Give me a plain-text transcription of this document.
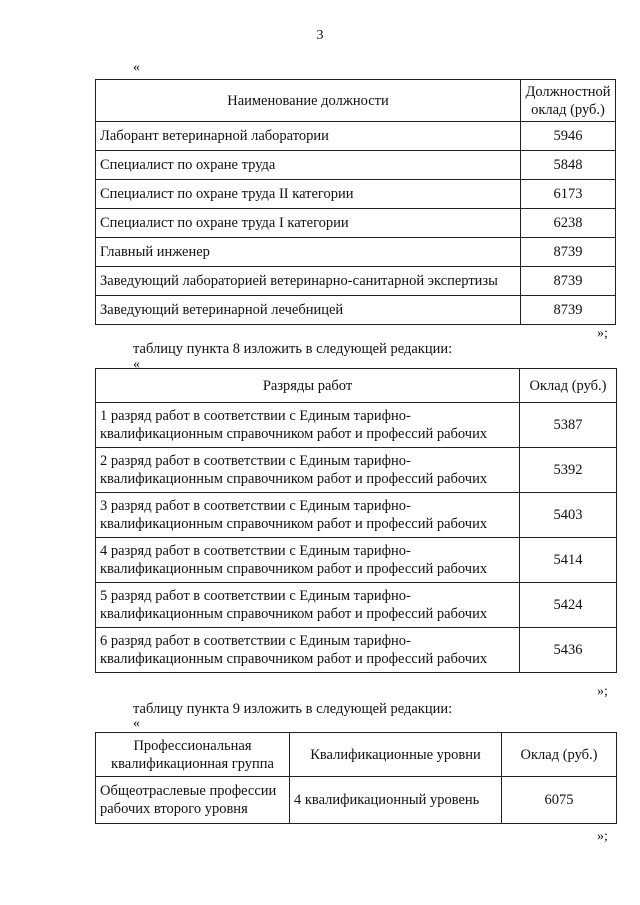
3
«
Наименование должности	Должностной оклад (руб.)
Лаборант ветеринарной лаборатории	5946
Специалист по охране труда	5848
Специалист по охране труда II категории	6173
Специалист по охране труда I категории	6238
Главный инженер	8739
Заведующий лабораторией ветеринарно-санитарной экспертизы	8739
Заведующий ветеринарной лечебницей	8739
»;
таблицу пункта 8 изложить в следующей редакции:
«
Разряды работ	Оклад (руб.)
1 разряд работ в соответствии с Единым тарифно-квалификационным справочником работ и профессий рабочих	5387
2 разряд работ в соответствии с Единым тарифно-квалификационным справочником работ и профессий рабочих	5392
3 разряд работ в соответствии с Единым тарифно-квалификационным справочником работ и профессий рабочих	5403
4 разряд работ в соответствии с Единым тарифно-квалификационным справочником работ и профессий рабочих	5414
5 разряд работ в соответствии с Единым тарифно-квалификационным справочником работ и профессий рабочих	5424
6 разряд работ в соответствии с Единым тарифно-квалификационным справочником работ и профессий рабочих	5436
»;
таблицу пункта 9 изложить в следующей редакции:
«
Профессиональная квалификационная группа	Квалификационные уровни	Оклад (руб.)
Общеотраслевые профессии рабочих второго уровня	4 квалификационный уровень	6075
»;
